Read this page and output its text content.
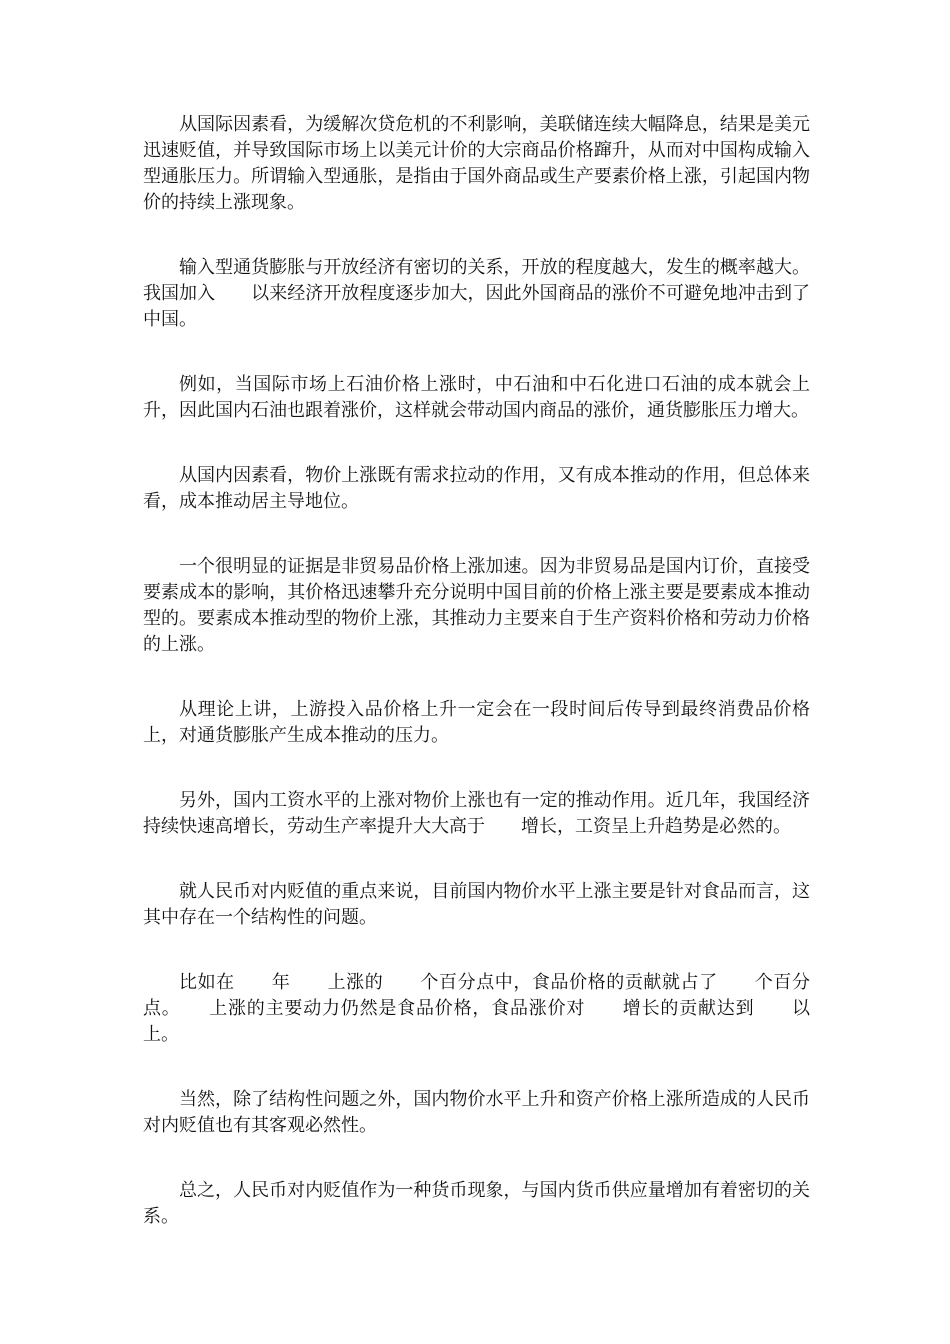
从国际因素看，为缓解次贷危机的不利影响，美联储连续大幅降息，结果是美元迅速贬值，并导致国际市场上以美元计价的大宗商品价格蹿升，从而对中国构成输入型通胀压力。所谓输入型通胀，是指由于国外商品或生产要素价格上涨，引起国内物价的持续上涨现象。

输入型通货膨胀与开放经济有密切的关系，开放的程度越大，发生的概率越大。我国加入　　以来经济开放程度逐步加大，因此外国商品的涨价不可避免地冲击到了中国。

例如，当国际市场上石油价格上涨时，中石油和中石化进口石油的成本就会上升，因此国内石油也跟着涨价，这样就会带动国内商品的涨价，通货膨胀压力增大。

从国内因素看，物价上涨既有需求拉动的作用，又有成本推动的作用，但总体来看，成本推动居主导地位。

一个很明显的证据是非贸易品价格上涨加速。因为非贸易品是国内订价，直接受要素成本的影响，其价格迅速攀升充分说明中国目前的价格上涨主要是要素成本推动型的。要素成本推动型的物价上涨，其推动力主要来自于生产资料价格和劳动力价格的上涨。

从理论上讲，上游投入品价格上升一定会在一段时间后传导到最终消费品价格上，对通货膨胀产生成本推动的压力。

另外，国内工资水平的上涨对物价上涨也有一定的推动作用。近几年，我国经济持续快速高增长，劳动生产率提升大大高于　　增长，工资呈上升趋势是必然的。

就人民币对内贬值的重点来说，目前国内物价水平上涨主要是针对食品而言，这其中存在一个结构性的问题。

比如在　　年　　上涨的　　个百分点中，食品价格的贡献就占了　　个百分点。　　上涨的主要动力仍然是食品价格，食品涨价对　　增长的贡献达到　　以上。

当然，除了结构性问题之外，国内物价水平上升和资产价格上涨所造成的人民币对内贬值也有其客观必然性。

总之，人民币对内贬值作为一种货币现象，与国内货币供应量增加有着密切的关系。
